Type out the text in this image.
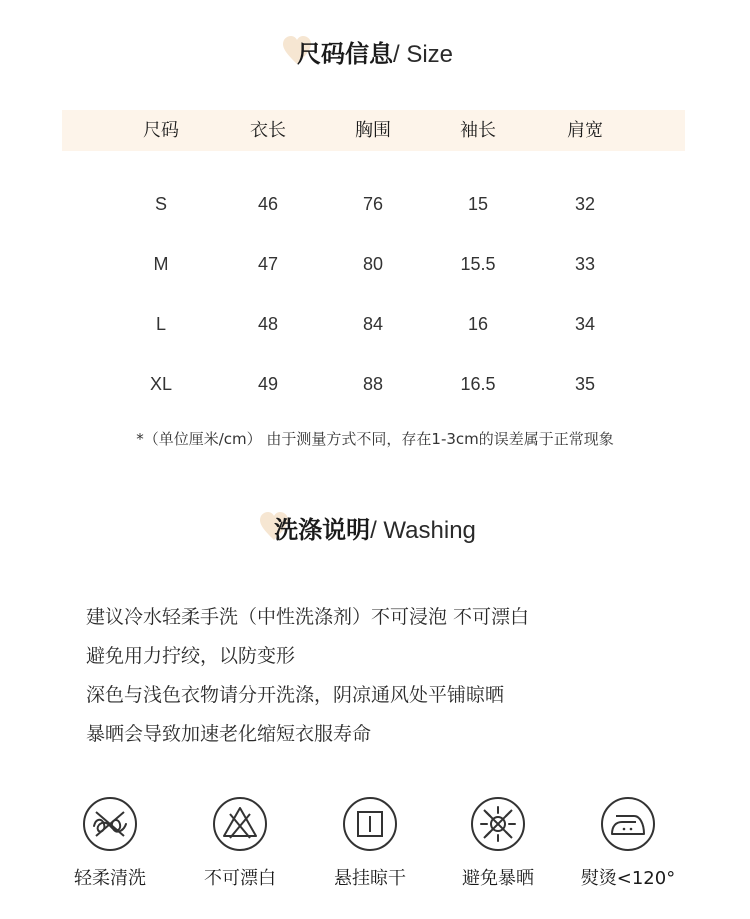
尺码信息/ Size
尺码	衣长	胸围	袖长	肩宽
S	46	76	15	32
M	47	80	15.5	33
L	48	84	16	34
XL	49	88	16.5	35
*（单位厘米/cm） 由于测量方式不同，存在1-3cm的误差属于正常现象
洗涤说明/ Washing
建议冷水轻柔手洗（中性洗涤剂）不可浸泡 不可漂白
避免用力拧绞，以防变形
深色与浅色衣物请分开洗涤，阴凉通风处平铺晾晒
暴晒会导致加速老化缩短衣服寿命
轻柔清洗	不可漂白	悬挂晾干	避免暴晒	熨烫<120°
